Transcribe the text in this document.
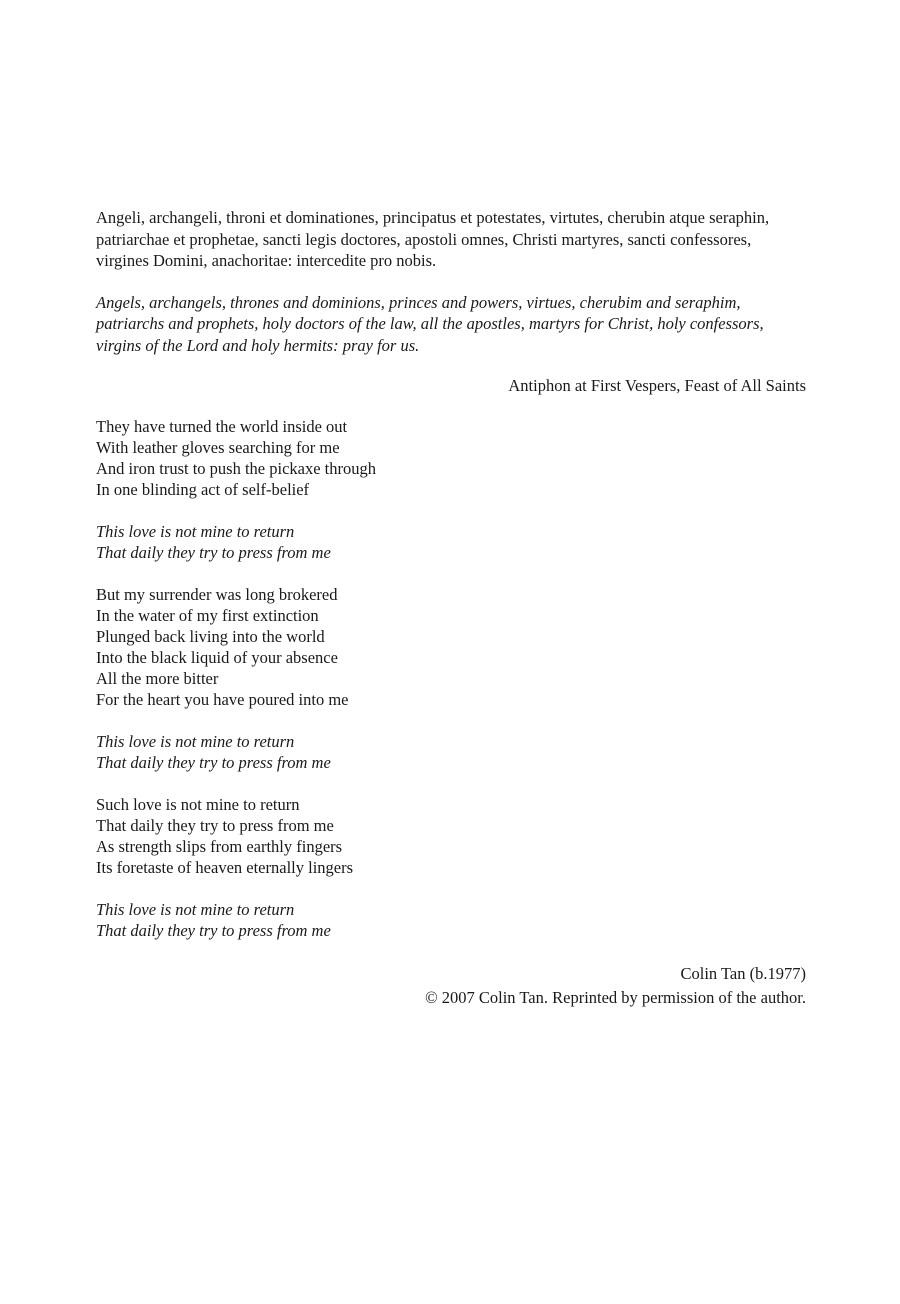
Angeli, archangeli, throni et dominationes, principatus et potestates, virtutes, cherubin atque seraphin, patriarchae et prophetae, sancti legis doctores, apostoli omnes, Christi martyres, sancti confessores, virgines Domini, anachoritae: intercedite pro nobis.

Angels, archangels, thrones and dominions, princes and powers, virtues, cherubim and seraphim, patriarchs and prophets, holy doctors of the law, all the apostles, martyrs for Christ, holy confessors, virgins of the Lord and holy hermits: pray for us.

Antiphon at First Vespers, Feast of All Saints

They have turned the world inside out
With leather gloves searching for me
And iron trust to push the pickaxe through
In one blinding act of self-belief
This love is not mine to return
That daily they try to press from me
But my surrender was long brokered
In the water of my first extinction
Plunged back living into the world
Into the black liquid of your absence
All the more bitter
For the heart you have poured into me
This love is not mine to return
That daily they try to press from me
Such love is not mine to return
That daily they try to press from me
As strength slips from earthly fingers
Its foretaste of heaven eternally lingers
This love is not mine to return
That daily they try to press from me
Colin Tan (b.1977)
© 2007 Colin Tan. Reprinted by permission of the author.
